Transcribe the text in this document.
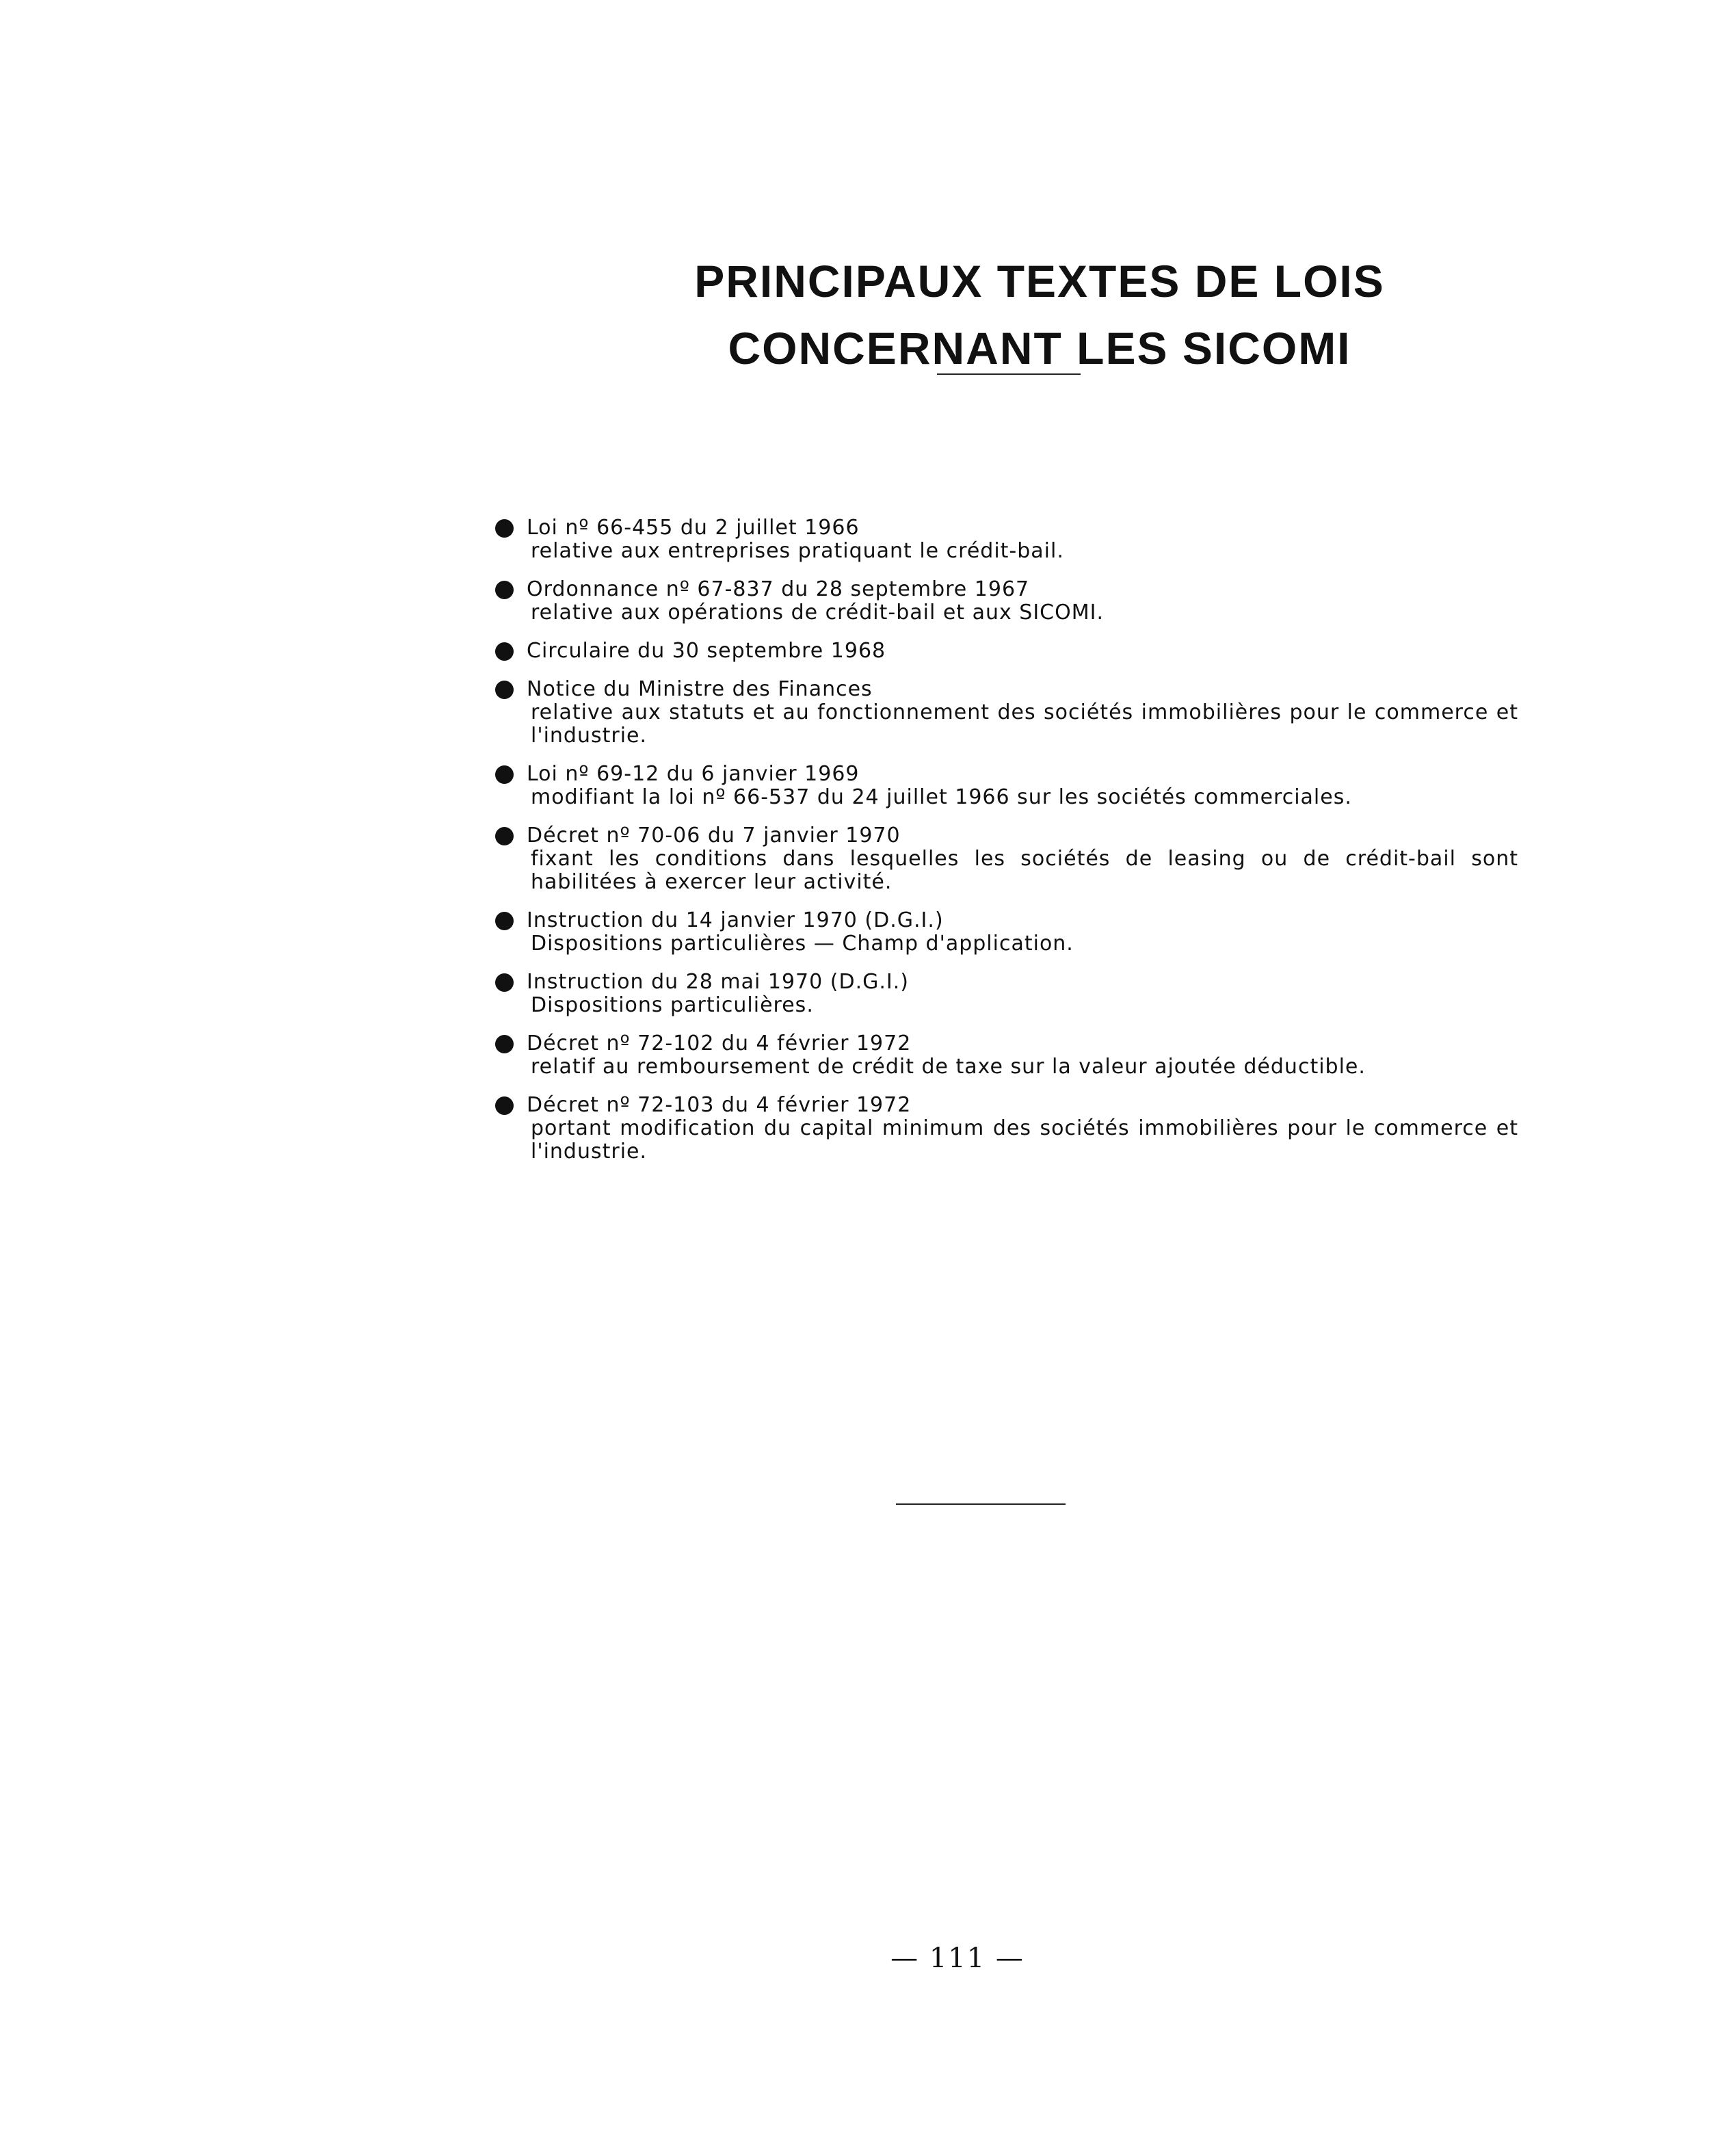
PRINCIPAUX TEXTES DE LOIS
CONCERNANT LES SICOMI
Loi nº 66-455 du 2 juillet 1966
relative aux entreprises pratiquant le crédit-bail.
Ordonnance nº 67-837 du 28 septembre 1967
relative aux opérations de crédit-bail et aux SICOMI.
Circulaire du 30 septembre 1968
Notice du Ministre des Finances
relative aux statuts et au fonctionnement des sociétés immobilières pour le commerce et l'industrie.
Loi nº 69-12 du 6 janvier 1969
modifiant la loi nº 66-537 du 24 juillet 1966 sur les sociétés commerciales.
Décret nº 70-06 du 7 janvier 1970
fixant les conditions dans lesquelles les sociétés de leasing ou de crédit-bail sont habilitées à exercer leur activité.
Instruction du 14 janvier 1970 (D.G.I.)
Dispositions particulières — Champ d'application.
Instruction du 28 mai 1970 (D.G.I.)
Dispositions particulières.
Décret nº 72-102 du 4 février 1972
relatif au remboursement de crédit de taxe sur la valeur ajoutée déductible.
Décret nº 72-103 du 4 février 1972
portant modification du capital minimum des sociétés immobilières pour le commerce et l'industrie.
— 111 —
